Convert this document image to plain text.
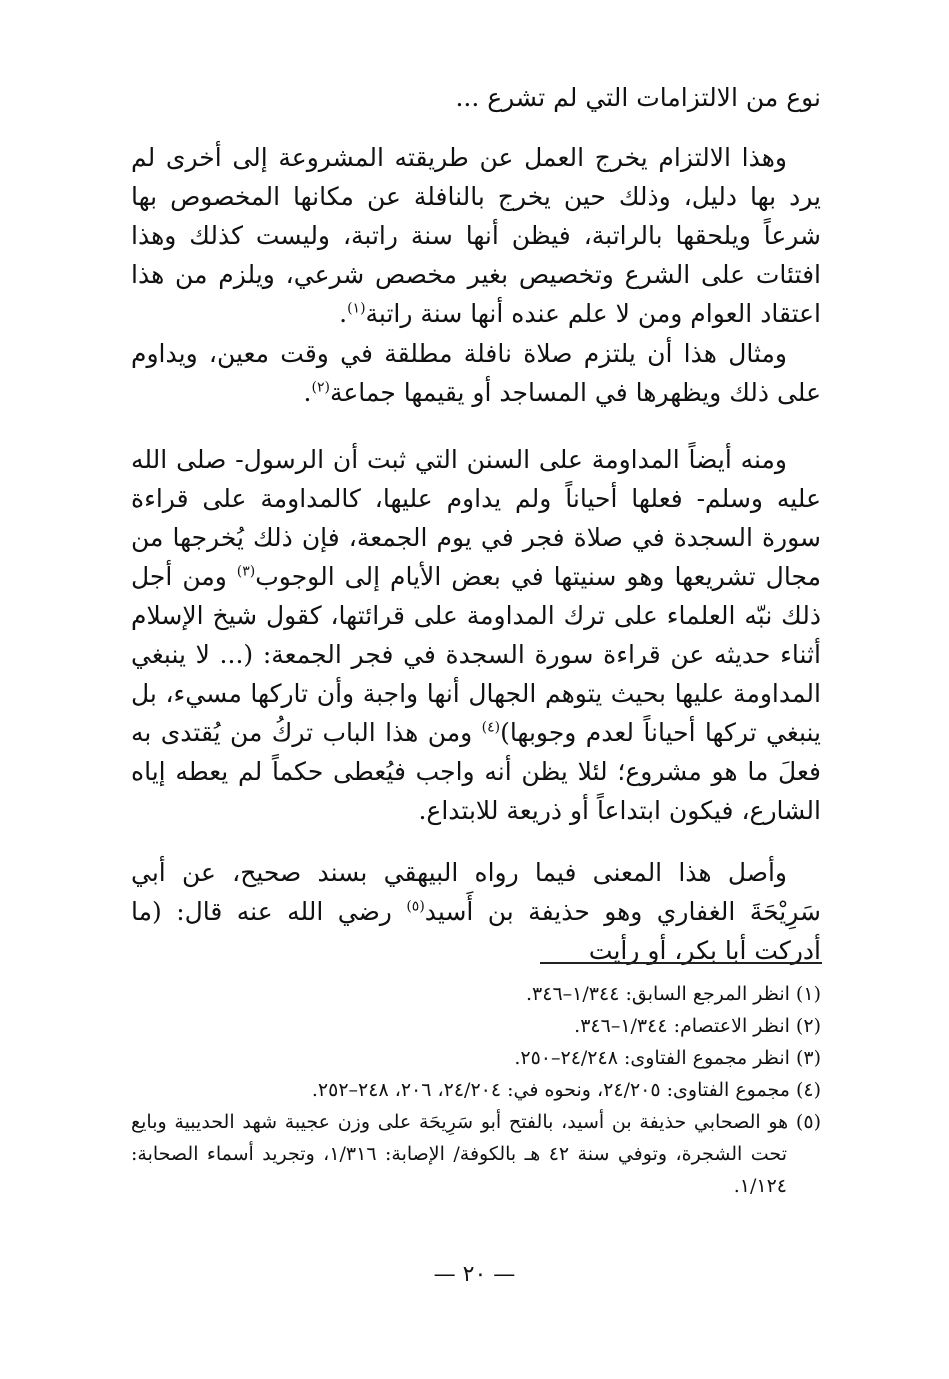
نوع من الالتزامات التي لم تشرع ...
وهذا الالتزام يخرج العمل عن طريقته المشروعة إلى أخرى لم يرد بها دليل، وذلك حين يخرج بالنافلة عن مكانها المخصوص بها شرعاً ويلحقها بالراتبة، فيظن أنها سنة راتبة، وليست كذلك وهذا افتئات على الشرع وتخصيص بغير مخصص شرعي، ويلزم من هذا اعتقاد العوام ومن لا علم عنده أنها سنة راتبة$^{(١)}$.
ومثال هذا أن يلتزم صلاة نافلة مطلقة في وقت معين، ويداوم على ذلك ويظهرها في المساجد أو يقيمها جماعة$^{(٢)}$.
ومنه أيضاً المداومة على السنن التي ثبت أن الرسول- صلى الله عليه وسلم- فعلها أحياناً ولم يداوم عليها، كالمداومة على قراءة سورة السجدة في صلاة فجر في يوم الجمعة، فإن ذلك يُخرجها من مجال تشريعها وهو سنيتها في بعض الأيام إلى الوجوب$^{(٣)}$ ومن أجل ذلك نبّه العلماء على ترك المداومة على قرائتها، كقول شيخ الإسلام أثناء حديثه عن قراءة سورة السجدة في فجر الجمعة: (... لا ينبغي المداومة عليها بحيث يتوهم الجهال أنها واجبة وأن تاركها مسيء، بل ينبغي تركها أحياناً لعدم وجوبها)$^{(٤)}$ ومن هذا الباب تركُ من يُقتدى به فعلَ ما هو مشروع؛ لئلا يظن أنه واجب فيُعطى حكماً لم يعطه إياه الشارع، فيكون ابتداعاً أو ذريعة للابتداع.
وأصل هذا المعنى فيما رواه البيهقي بسند صحيح، عن أبي سَرِيْحَةَ الغفاري وهو حذيفة بن أَسيد$^{(٥)}$ رضي الله عنه قال: (ما أدركت أبا بكر، أو رأيت

(١) انظر المرجع السابق: ١/٣٤٤–٣٤٦.

(٢) انظر الاعتصام: ١/٣٤٤–٣٤٦.

(٣) انظر مجموع الفتاوى: ٢٤/٢٤٨–٢٥٠.

(٤) مجموع الفتاوى: ٢٤/٢٠٥، ونحوه في: ٢٤/٢٠٤، ٢٠٦، ٢٤٨–٢٥٢.

(٥) هو الصحابي حذيفة بن أسيد، بالفتح أبو سَرِيحَة على وزن عجيبة شهد الحديبية وبايع تحت الشجرة، وتوفي سنة ٤٢ هـ بالكوفة/ الإصابة: ١/٣١٦، وتجريد أسماء الصحابة: ١/١٢٤.

— ٢٠ —
